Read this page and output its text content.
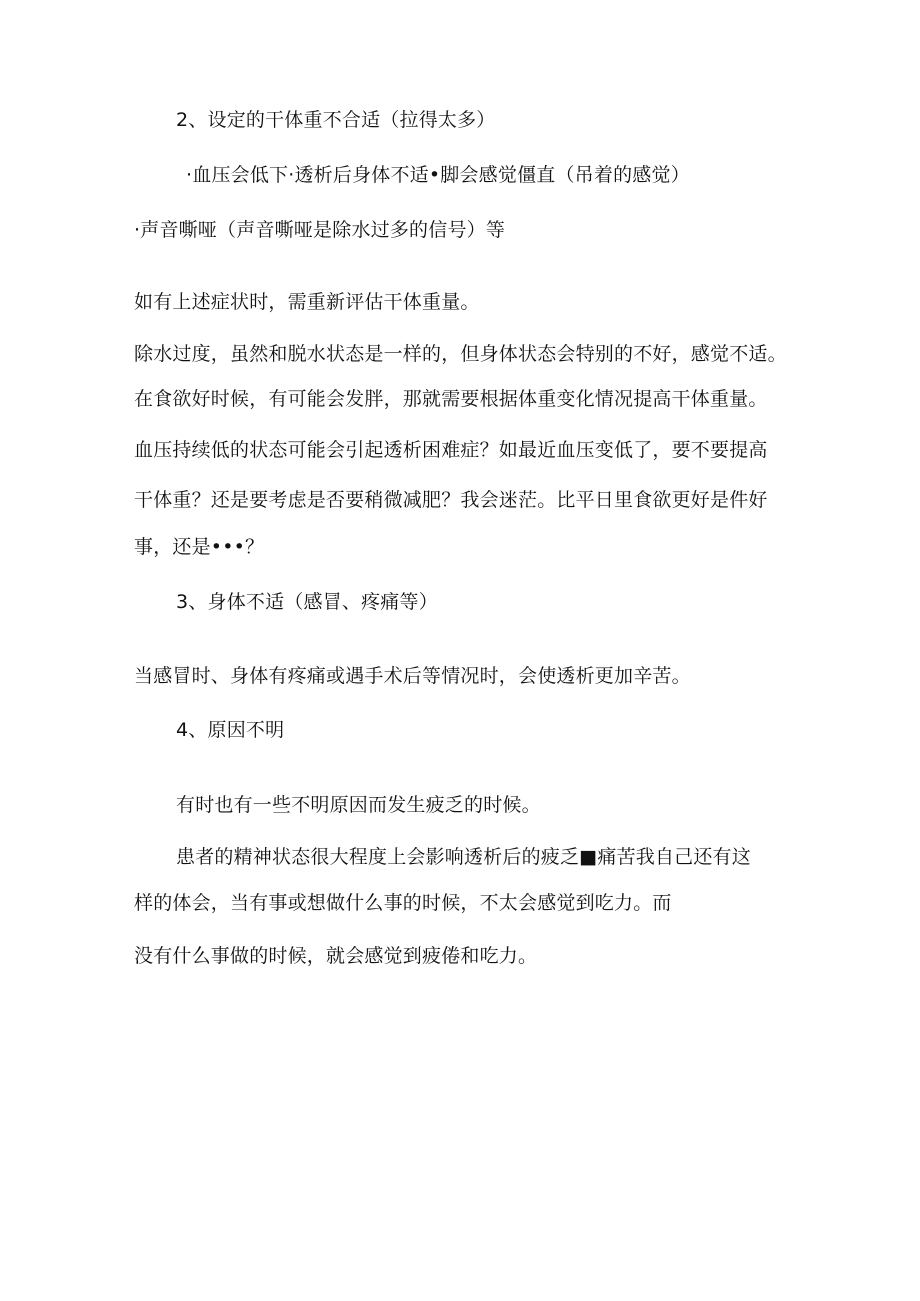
2、设定的干体重不合适（拉得太多）
·血压会低下·透析后身体不适•脚会感觉僵直（吊着的感觉）
·声音嘶哑（声音嘶哑是除水过多的信号）等
如有上述症状时，需重新评估干体重量。
除水过度，虽然和脱水状态是一样的，但身体状态会特别的不好，感觉不适。
在食欲好时候，有可能会发胖，那就需要根据体重变化情况提高干体重量。
血压持续低的状态可能会引起透析困难症？如最近血压变低了，要不要提高
干体重？还是要考虑是否要稍微减肥？我会迷茫。比平日里食欲更好是件好
事，还是•••？
3、身体不适（感冒、疼痛等）
当感冒时、身体有疼痛或遇手术后等情况时，会使透析更加辛苦。
4、原因不明
有时也有一些不明原因而发生疲乏的时候。
患者的精神状态很大程度上会影响透析后的疲乏■痛苦我自己还有这
样的体会，当有事或想做什么事的时候，不太会感觉到吃力。而
没有什么事做的时候，就会感觉到疲倦和吃力。
